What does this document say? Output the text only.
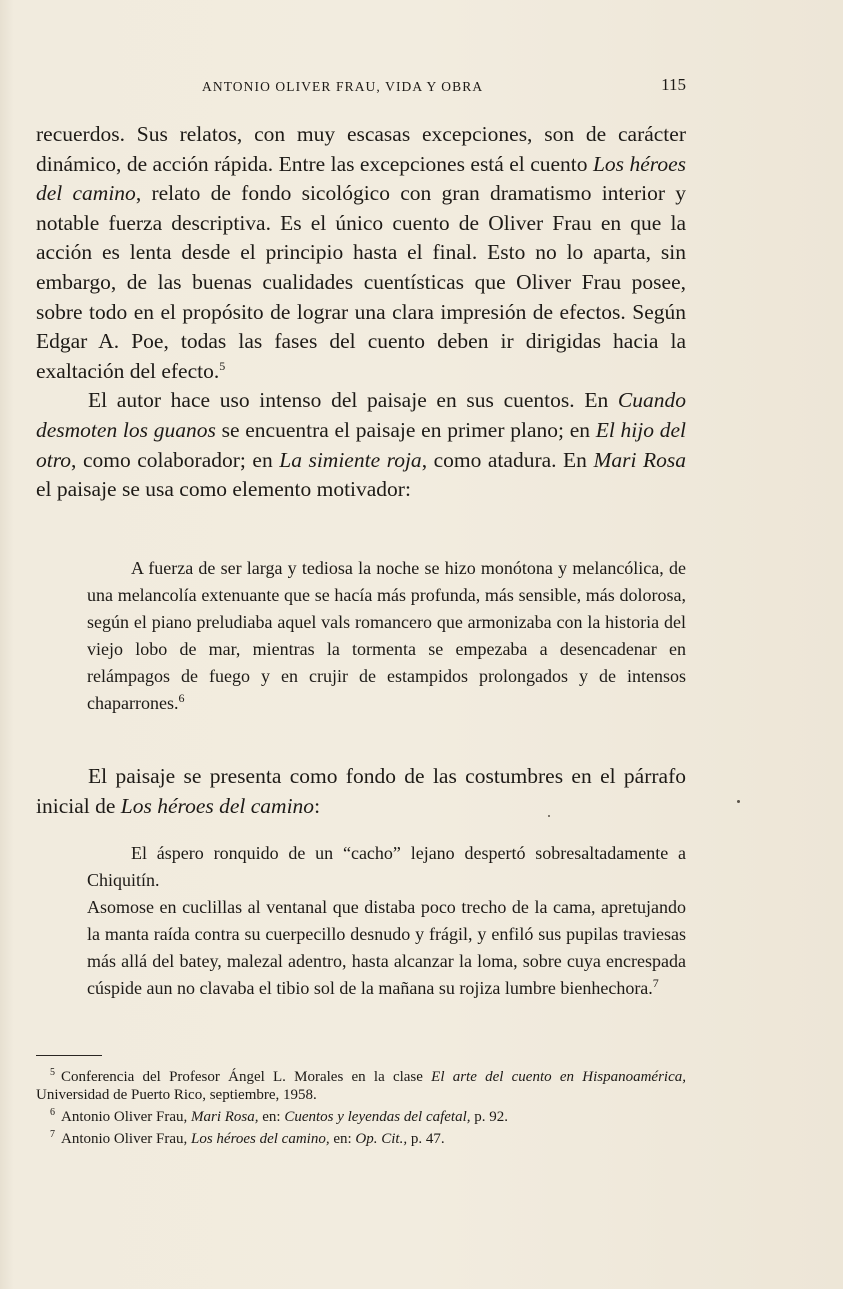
ANTONIO OLIVER FRAU, VIDA Y OBRA	115

recuerdos. Sus relatos, con muy escasas excepciones, son de carácter dinámico, de acción rápida. Entre las excepciones está el cuento Los héroes del camino, relato de fondo sicológico con gran dramatismo interior y notable fuerza descriptiva. Es el único cuento de Oliver Frau en que la acción es lenta desde el principio hasta el final. Esto no lo aparta, sin embargo, de las buenas cualidades cuentísticas que Oliver Frau posee, sobre todo en el propósito de lograr una clara impresión de efectos. Según Edgar A. Poe, todas las fases del cuento deben ir dirigidas hacia la exaltación del efecto.$^5$

El autor hace uso intenso del paisaje en sus cuentos. En Cuando desmoten los guanos se encuentra el paisaje en primer plano; en El hijo del otro, como colaborador; en La simiente roja, como atadura. En Mari Rosa el paisaje se usa como elemento motivador:

A fuerza de ser larga y tediosa la noche se hizo monótona y melancólica, de una melancolía extenuante que se hacía más profunda, más sensible, más dolorosa, según el piano preludiaba aquel vals romancero que armonizaba con la historia del viejo lobo de mar, mientras la tormenta se empezaba a desencadenar en relámpagos de fuego y en crujir de estampidos prolongados y de intensos chaparrones.$^6$

El paisaje se presenta como fondo de las costumbres en el párrafo inicial de Los héroes del camino:

El áspero ronquido de un “cacho” lejano despertó sobresaltadamente a Chiquitín.

Asomose en cuclillas al ventanal que distaba poco trecho de la cama, apretujando la manta raída contra su cuerpecillo desnudo y frágil, y enfiló sus pupilas traviesas más allá del batey, malezal adentro, hasta alcanzar la loma, sobre cuya encrespada cúspide aun no clavaba el tibio sol de la mañana su rojiza lumbre bienhechora.$^7$

$^5$ Conferencia del Profesor Ángel L. Morales en la clase El arte del cuento en Hispanoamérica, Universidad de Puerto Rico, septiembre, 1958.

$^6$ Antonio Oliver Frau, Mari Rosa, en: Cuentos y leyendas del cafetal, p. 92.

$^7$ Antonio Oliver Frau, Los héroes del camino, en: Op. Cit., p. 47.
